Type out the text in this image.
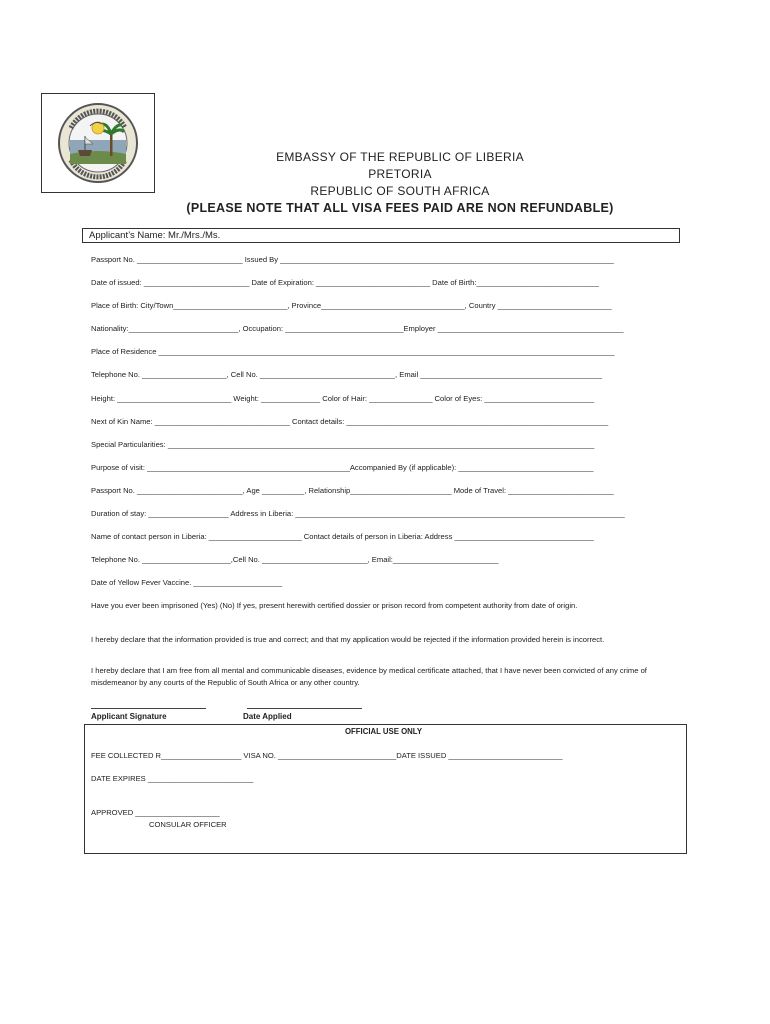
EMBASSY OF THE REPUBLIC OF LIBERIA
PRETORIA
REPUBLIC OF SOUTH AFRICA
(PLEASE NOTE THAT ALL VISA FEES PAID ARE NON REFUNDABLE)
Applicant’s Name: Mr./Mrs./Ms.
Passport No. _________________________ Issued By _______________________________________________________________________________
Date of issued: _________________________ Date of Expiration: ___________________________ Date of Birth:_____________________________
Place of Birth: City/Town___________________________, Province__________________________________, Country ___________________________
Nationality:__________________________, Occupation: ____________________________Employer ____________________________________________
Place of Residence ____________________________________________________________________________________________________________
Telephone No. ____________________, Cell No. ________________________________, Email ___________________________________________
Height: ___________________________ Weight: ______________ Color of Hair: _______________ Color of Eyes: __________________________
Next of Kin Name: ________________________________ Contact details: ______________________________________________________________
Special Particularities: _____________________________________________________________________________________________________
Purpose of visit: ________________________________________________Accompanied By (if applicable): ________________________________
Passport No. _________________________, Age __________, Relationship________________________ Mode of Travel: _________________________
Duration of stay: ___________________ Address in Liberia: ______________________________________________________________________________
Name of contact person in Liberia: ______________________ Contact details of person in Liberia: Address _________________________________
Telephone No. _____________________,Cell No. _________________________, Email:_________________________
Date of Yellow Fever Vaccine. _____________________
Have you ever been imprisoned (Yes) (No) If yes, present herewith certified dossier or prison record from competent authority from date of origin.
I hereby declare that the information provided is true and correct; and that my application would be rejected if the information provided herein is incorrect.
I hereby declare that I am free from all mental and communicable diseases, evidence by medical certificate attached, that I have never been convicted of any crime of misdemeanor by any courts of the Republic of South Africa or any other country.
Applicant Signature	Date Applied
OFFICIAL USE ONLY
FEE COLLECTED R___________________ VISA NO. ____________________________DATE ISSUED ___________________________
DATE EXPIRES _________________________
APPROVED ____________________
CONSULAR OFFICER
